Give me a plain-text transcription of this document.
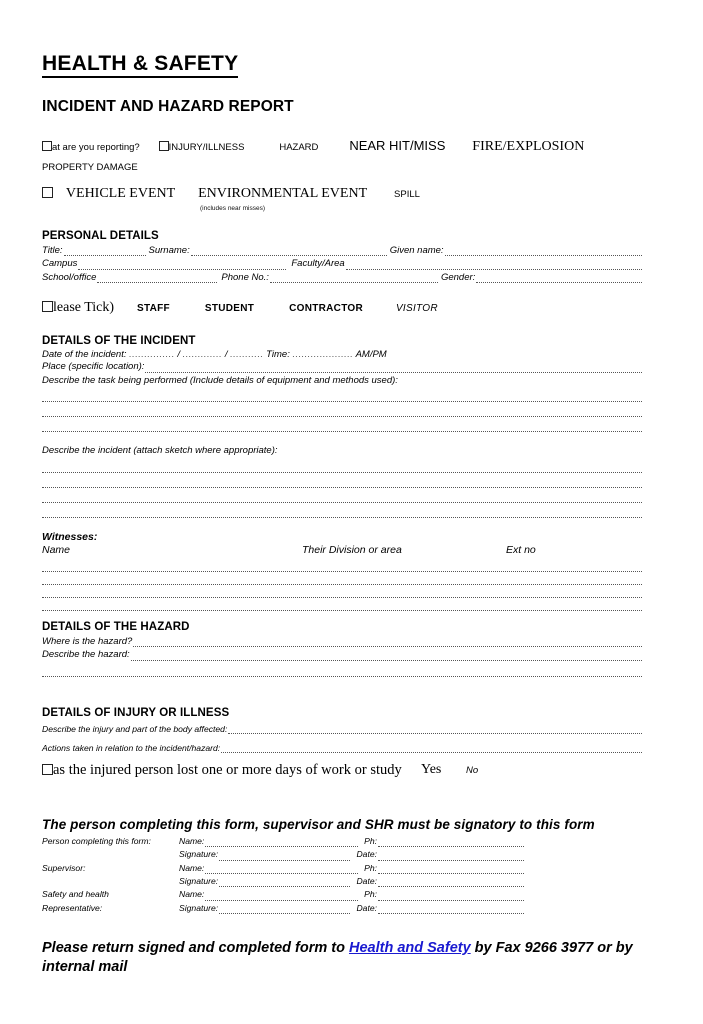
HEALTH & SAFETY
INCIDENT AND HAZARD REPORT
at are you reporting?	INJURY/ILLNESS	HAZARD NEAR HIT/MISS FIRE/EXPLOSION  PROPERTY DAMAGE
VEHICLE EVENT ENVIRONMENTAL EVENT	SPILL
(includes near misses)
PERSONAL DETAILS
Title:	Surname:	Given name:
Campus	Faculty/Area
School/office	Phone No.:	Gender:
lease Tick) STAFF	STUDENT	CONTRACTOR	VISITOR
DETAILS OF THE INCIDENT
Date of the incident: ............... / ............. / ........... Time: .................... AM/PM
Place (specific location):
Describe the task being performed (Include details of equipment and methods used):
Describe the incident (attach sketch where appropriate):
Witnesses:
Name	Their Division or area	Ext no
DETAILS OF THE HAZARD
Where is the hazard?
Describe the hazard:
DETAILS OF INJURY OR ILLNESS
Describe the injury and part of the body affected:
Actions taken in relation to the incident/hazard:
as the injured person lost one or more days of work or study Yes	No
The person completing this form, supervisor and SHR must be signatory to this form
Person completing this form:	Name:	Ph:
Signature:	Date:
Supervisor:	Name:	Ph:
Signature:	Date:
Safety and health	Name:	Ph:
Representative:	Signature:	Date:
Please return signed and completed form to Health and Safety by Fax 9266 3977 or by internal mail
